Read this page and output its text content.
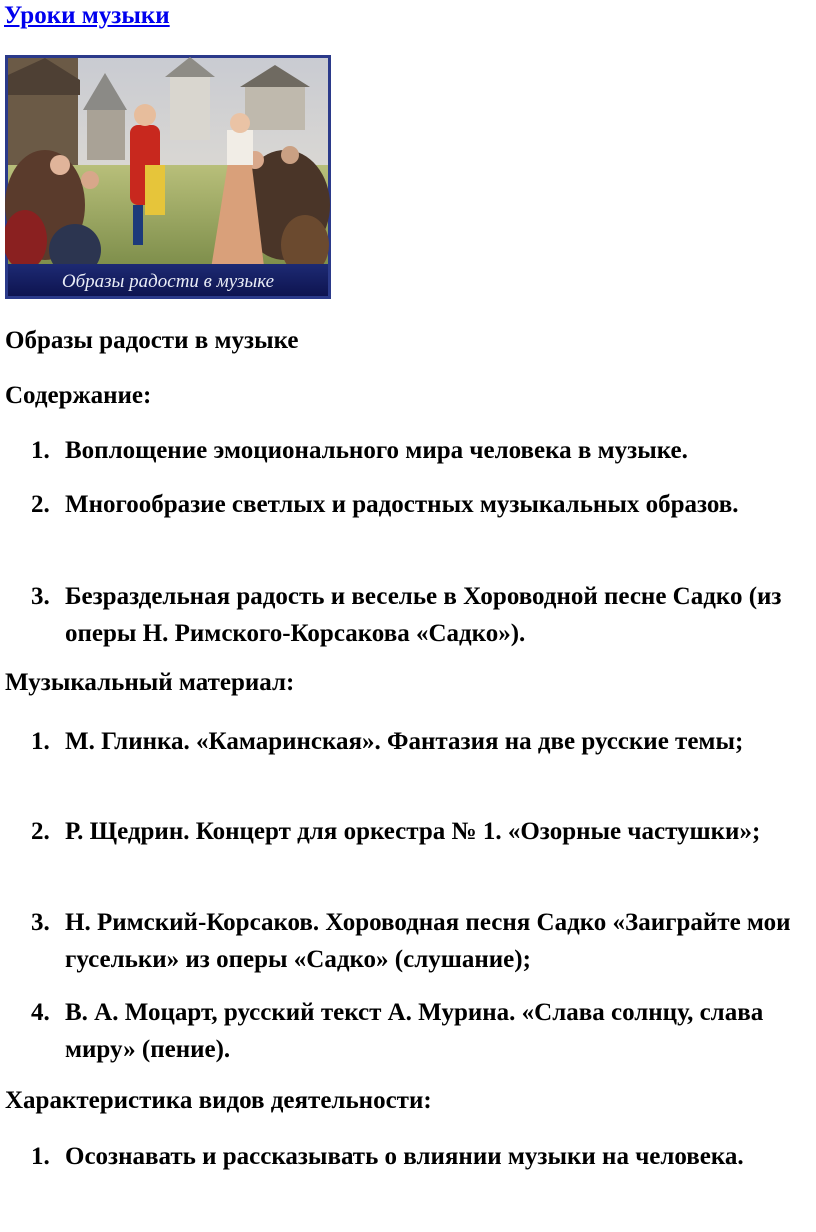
Уроки музыки
Образы радости в музыке

Образы радости в музыке

Содержание:

1. Воплощение эмоционального мира человека в музыке.
2. Многообразие светлых и радостных музыкальных образов.
3. Безраздельная радость и веселье в Хороводной песне Садко (из оперы Н. Римского-Корсакова «Садко»).

Музыкальный материал:

1. М. Глинка. «Камаринская». Фантазия на две русские темы;
2. Р. Щедрин. Концерт для оркестра № 1. «Озорные частушки»;
3. Н. Римский-Корсаков. Хороводная песня Садко «Заиграйте мои гусельки» из оперы «Садко» (слушание);
4. В. А. Моцарт, русский текст А. Мурина. «Слава солнцу, слава миру» (пение).

Характеристика видов деятельности:

1. Осознавать и рассказывать о влиянии музыки на человека.
